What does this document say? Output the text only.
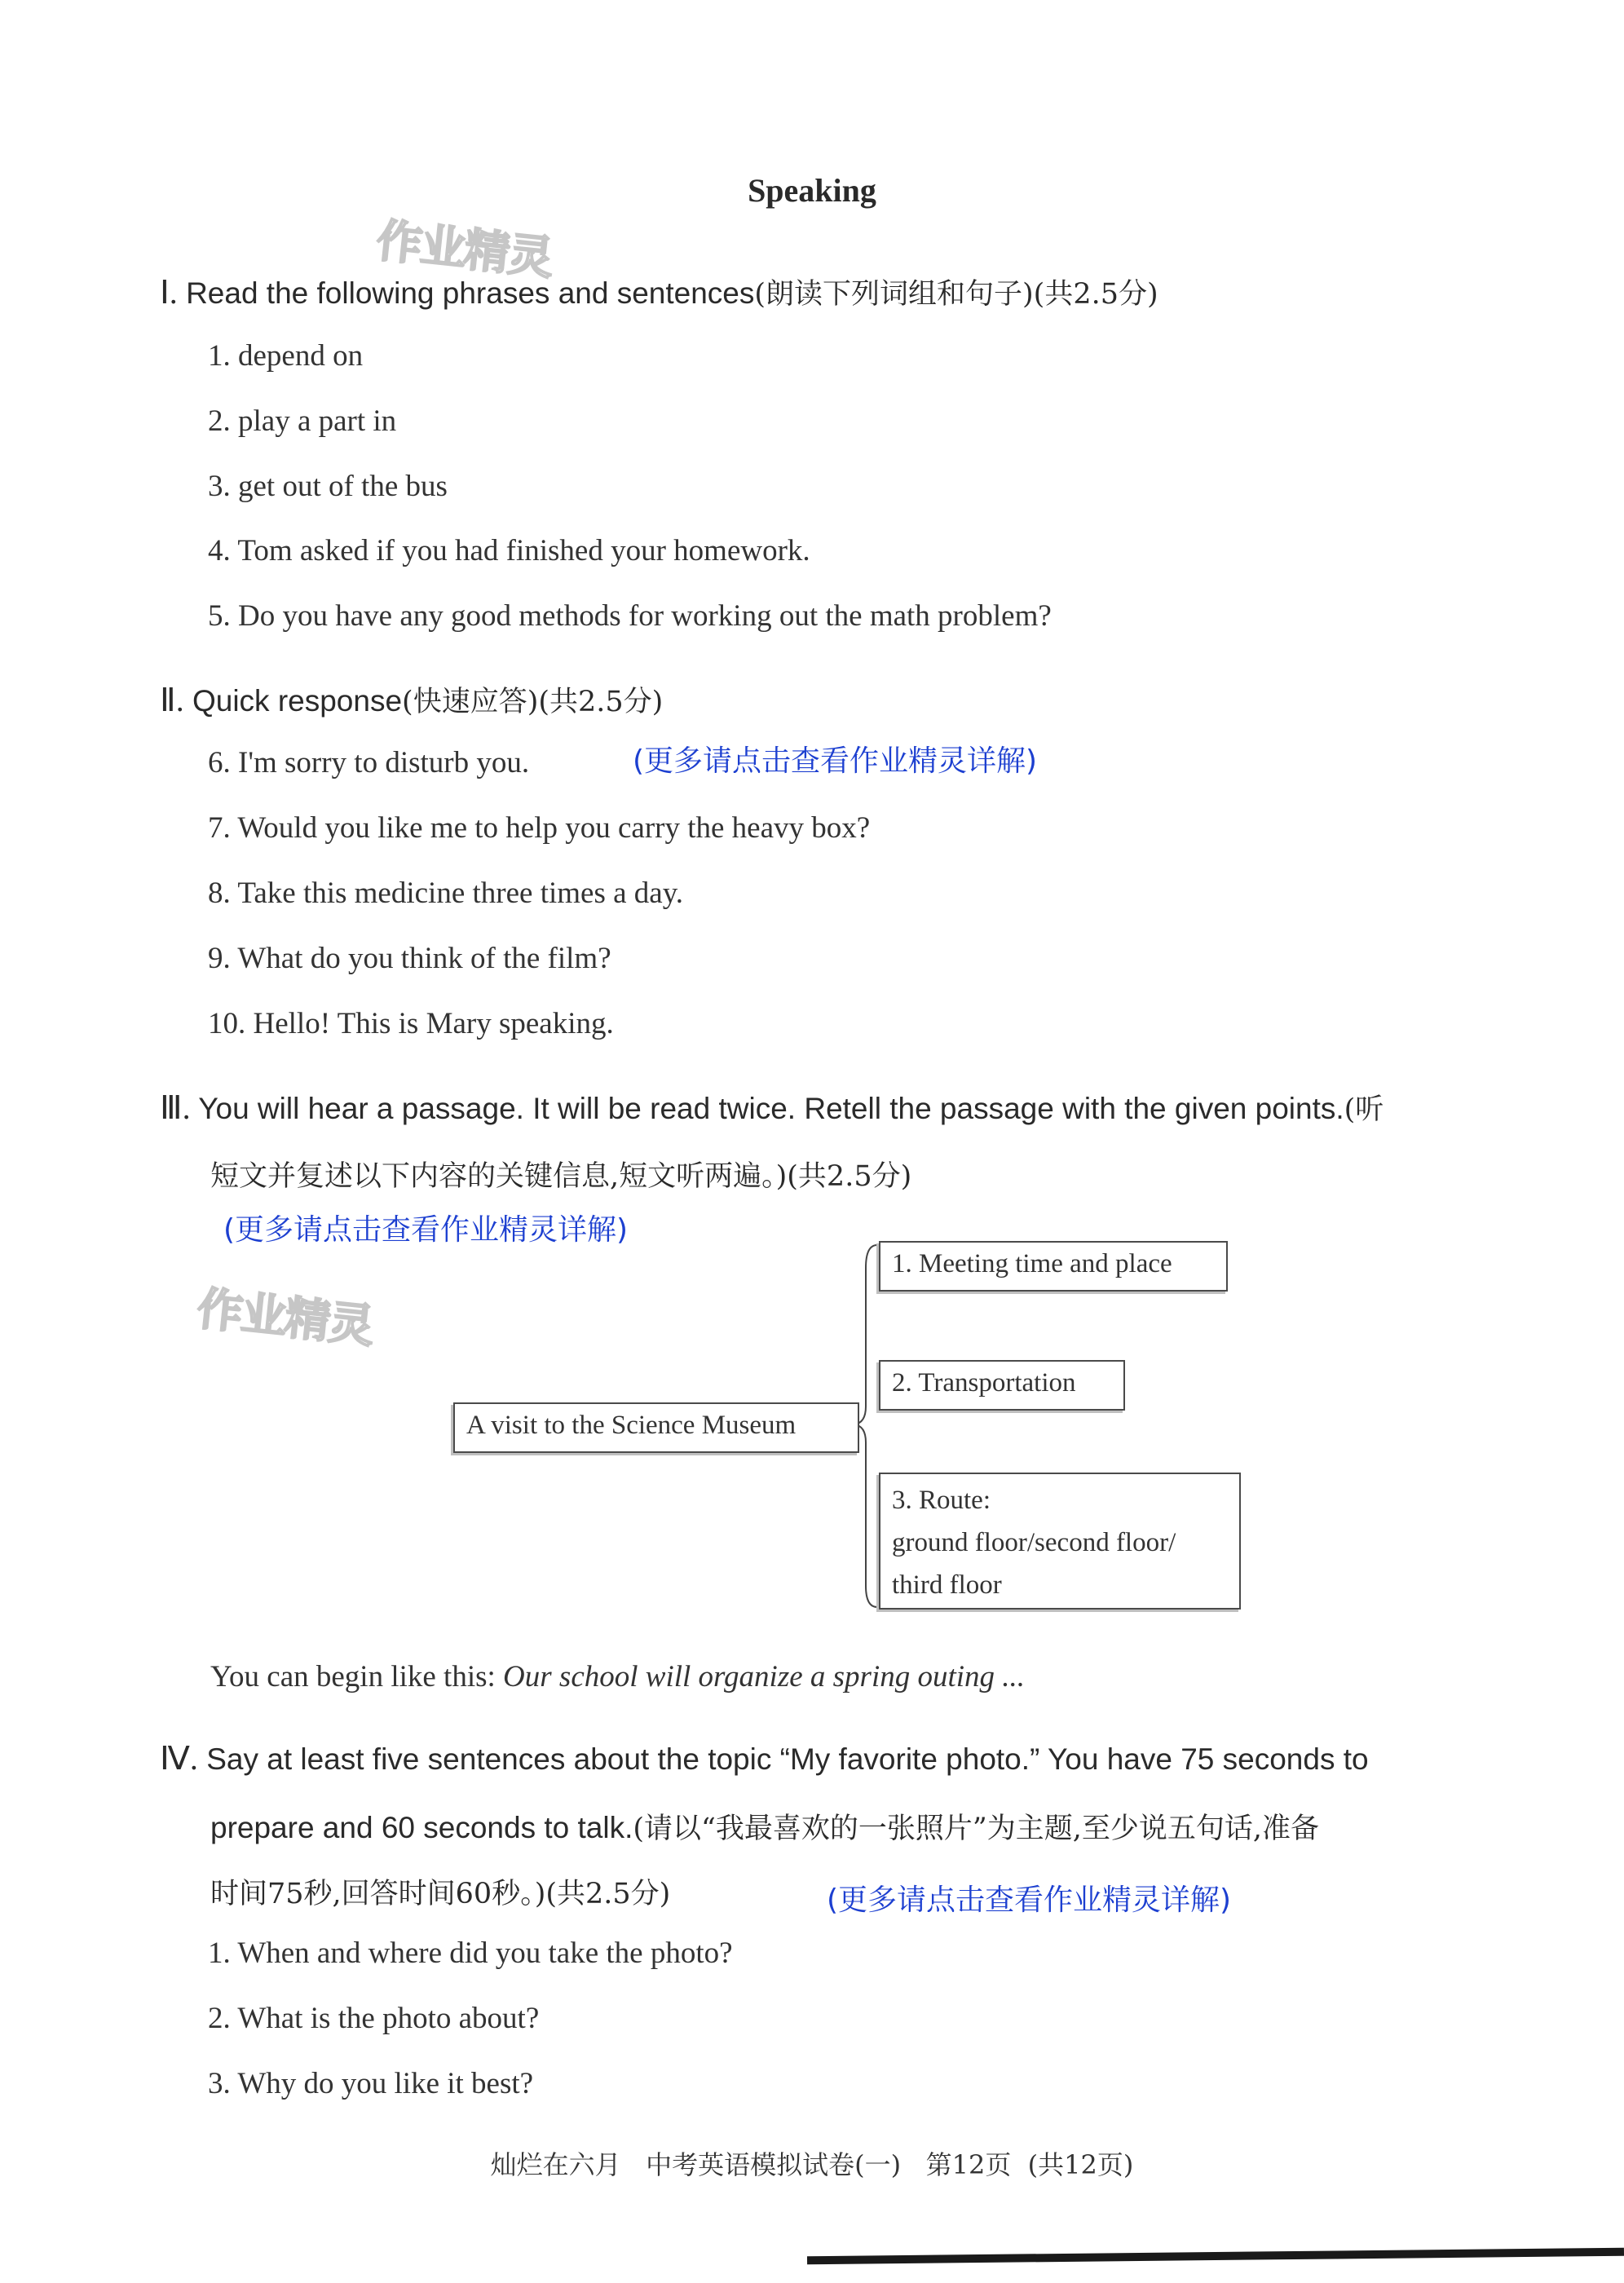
Speaking
作业精灵
作业精灵
Ⅰ. Read the following phrases and sentences(朗读下列词组和句子)(共2.5分)
1. depend on
2. play a part in
3. get out of the bus
4. Tom asked if you had finished your homework.
5. Do you have any good methods for working out the math problem?
Ⅱ. Quick response(快速应答)(共2.5分)
6. I'm sorry to disturb you.	(更多请点击查看作业精灵详解)
7. Would you like me to help you carry the heavy box?
8. Take this medicine three times a day.
9. What do you think of the film?
10. Hello! This is Mary speaking.
Ⅲ. You will hear a passage. It will be read twice. Retell the passage with the given points.(听
短文并复述以下内容的关键信息,短文听两遍。)(共2.5分)
(更多请点击查看作业精灵详解)
A visit to the Science Museum
1. Meeting time and place
2. Transportation
3. Route:
ground floor/second floor/
third floor
You can begin like this: Our school will organize a spring outing ...
Ⅳ. Say at least five sentences about the topic “My favorite photo.” You have 75 seconds to
prepare and 60 seconds to talk.(请以“我最喜欢的一张照片”为主题,至少说五句话,准备
时间75秒,回答时间60秒。)(共2.5分)	(更多请点击查看作业精灵详解)
1. When and where did you take the photo?
2. What is the photo about?
3. Why do you like it best?
灿烂在六月   中考英语模拟试卷(一)   第12页  (共12页)
